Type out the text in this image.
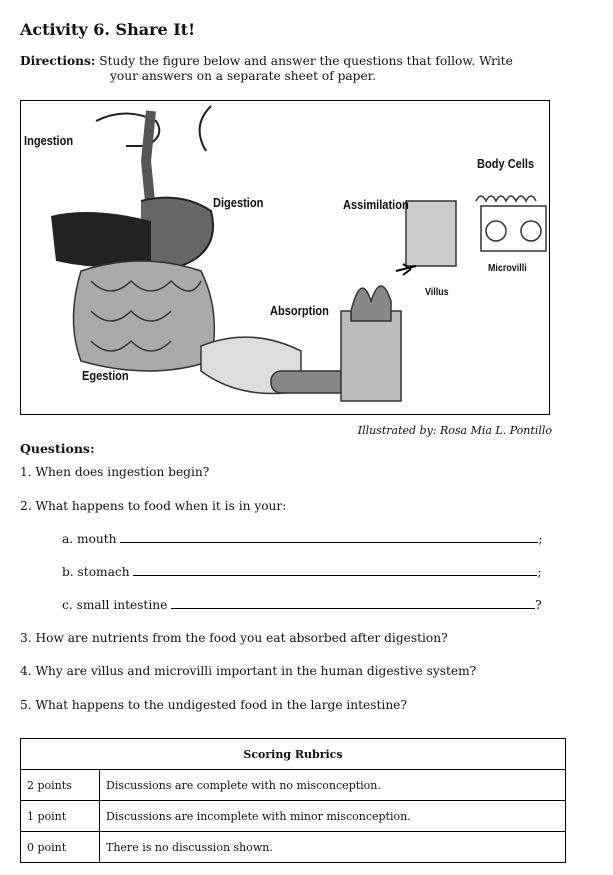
Activity 6. Share It!
Directions: Study the figure below and answer the questions that follow. Write
your answers on a separate sheet of paper.
Ingestion
Body Cells
Digestion	Assimilation
Microvilli
Villus
Absorption
Egestion
Illustrated by: Rosa Mia L. Pontillo
Questions:
1. When does ingestion begin?
2. What happens to food when it is in your:
a. mouth	;
b. stomach	;
c. small intestine	?
3. How are nutrients from the food you eat absorbed after digestion?
4. Why are villus and microvilli important in the human digestive system?
5. What happens to the undigested food in the large intestine?
Scoring Rubrics	
2 points	Discussions are complete with no misconception.
1 point	Discussions are incomplete with minor misconception.
0 point	There is no discussion shown.
